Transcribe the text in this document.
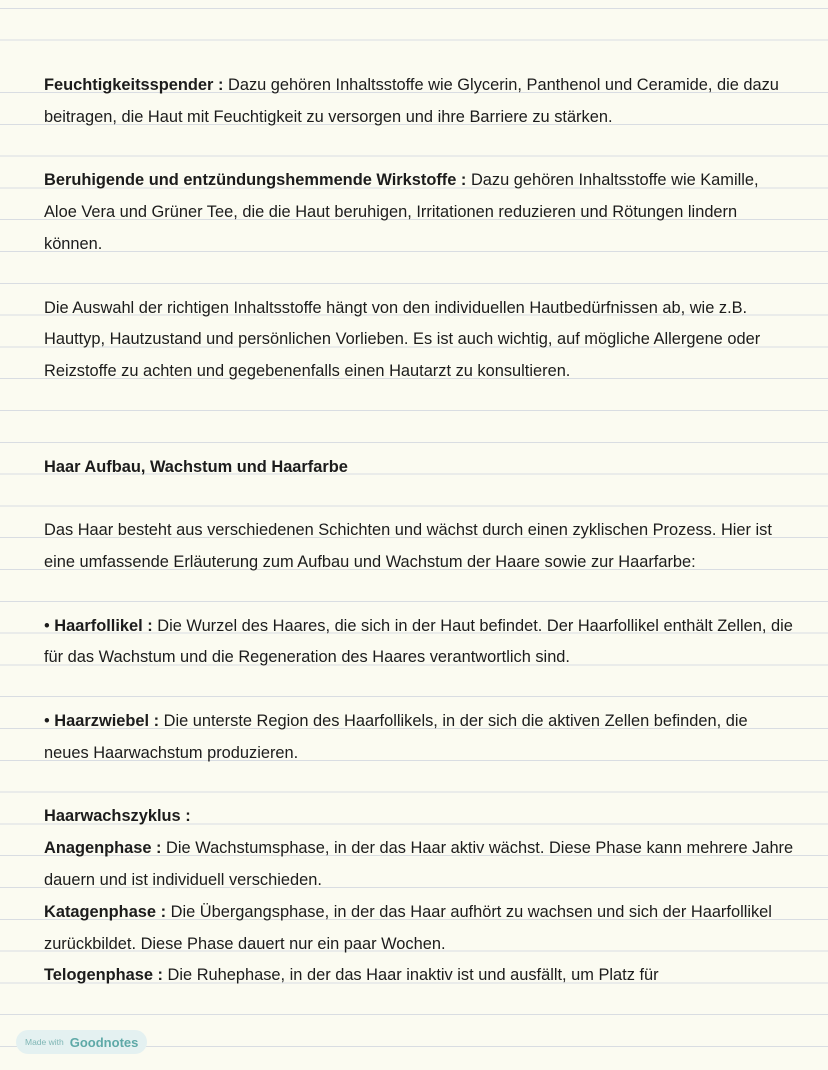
Feuchtigkeitsspender : Dazu gehören Inhaltsstoffe wie Glycerin, Panthenol und Ceramide, die dazu beitragen, die Haut mit Feuchtigkeit zu versorgen und ihre Barriere zu stärken.

Beruhigende und entzündungshemmende Wirkstoffe : Dazu gehören Inhaltsstoffe wie Kamille, Aloe Vera und Grüner Tee, die die Haut beruhigen, Irritationen reduzieren und Rötungen lindern können.

Die Auswahl der richtigen Inhaltsstoffe hängt von den individuellen Hautbedürfnissen ab, wie z.B. Hauttyp, Hautzustand und persönlichen Vorlieben. Es ist auch wichtig, auf mögliche Allergene oder Reizstoffe zu achten und gegebenenfalls einen Hautarzt zu konsultieren.

Haar Aufbau, Wachstum und Haarfarbe

Das Haar besteht aus verschiedenen Schichten und wächst durch einen zyklischen Prozess. Hier ist eine umfassende Erläuterung zum Aufbau und Wachstum der Haare sowie zur Haarfarbe:

• Haarfollikel : Die Wurzel des Haares, die sich in der Haut befindet. Der Haarfollikel enthält Zellen, die für das Wachstum und die Regeneration des Haares verantwortlich sind.

• Haarzwiebel : Die unterste Region des Haarfollikels, in der sich die aktiven Zellen befinden, die neues Haarwachstum produzieren.

Haarwachszyklus :

Anagenphase : Die Wachstumsphase, in der das Haar aktiv wächst. Diese Phase kann mehrere Jahre dauern und ist individuell verschieden.

Katagenphase : Die Übergangsphase, in der das Haar aufhört zu wachsen und sich der Haarfollikel zurückbildet. Diese Phase dauert nur ein paar Wochen.

Telogenphase : Die Ruhephase, in der das Haar inaktiv ist und ausfällt, um Platz für

Made with Goodnotes
